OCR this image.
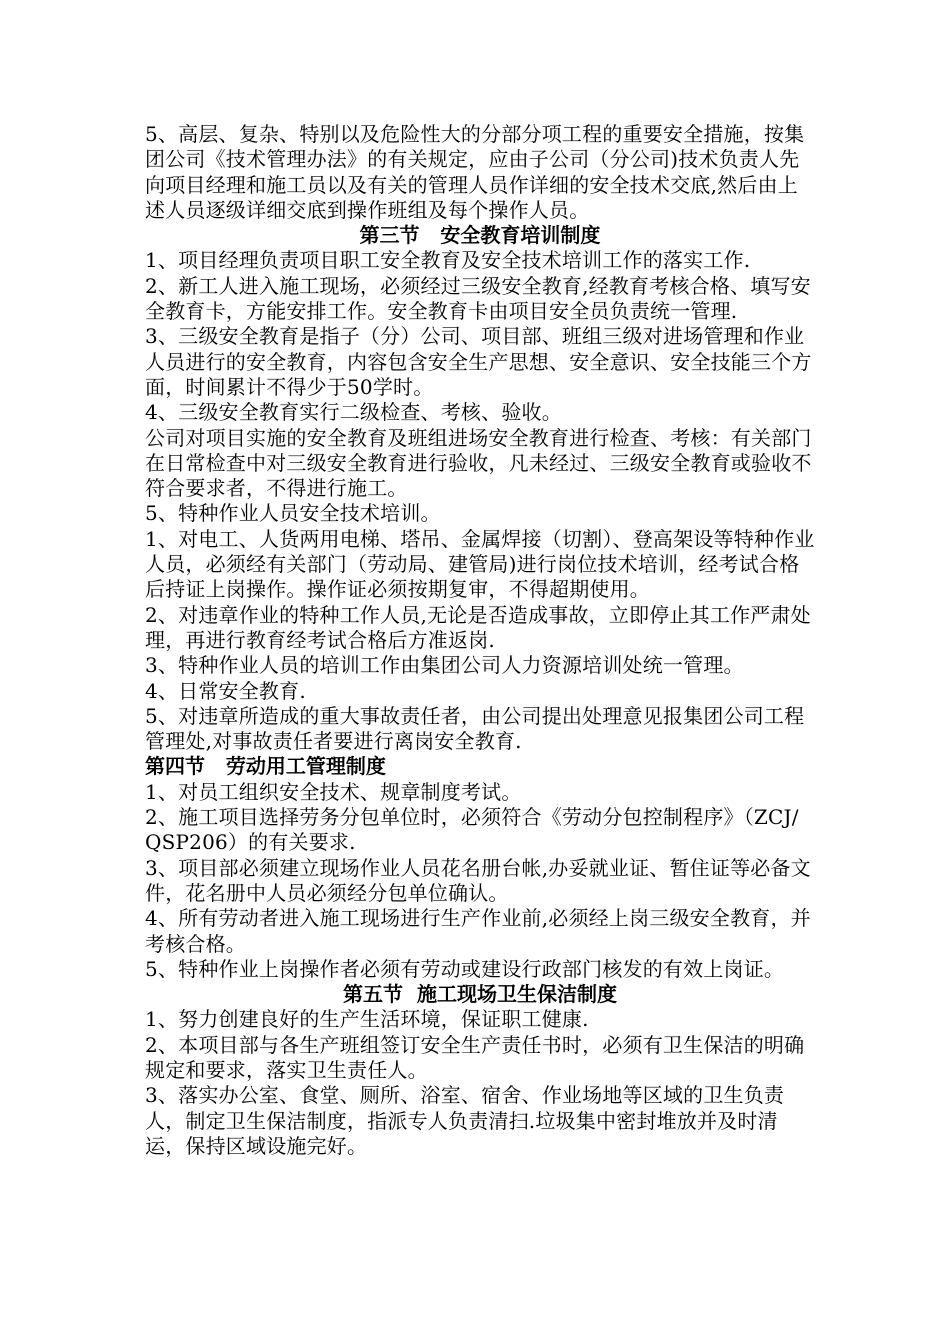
5、高层、复杂、特别以及危险性大的分部分项工程的重要安全措施，按集团公司《技术管理办法》的有关规定，应由子公司（分公司)技术负责人先向项目经理和施工员以及有关的管理人员作详细的安全技术交底,然后由上述人员逐级详细交底到操作班组及每个操作人员。

第三节   安全教育培训制度

1、项目经理负责项目职工安全教育及安全技术培训工作的落实工作.

2、新工人进入施工现场，必须经过三级安全教育,经教育考核合格、填写安全教育卡，方能安排工作。安全教育卡由项目安全员负责统一管理.

3、三级安全教育是指子（分）公司、项目部、班组三级对进场管理和作业人员进行的安全教育，内容包含安全生产思想、安全意识、安全技能三个方面，时间累计不得少于50学时。

4、三级安全教育实行二级检查、考核、验收。

公司对项目实施的安全教育及班组进场安全教育进行检查、考核：有关部门在日常检查中对三级安全教育进行验收，凡未经过、三级安全教育或验收不符合要求者，不得进行施工。

5、特种作业人员安全技术培训。

1、对电工、人货两用电梯、塔吊、金属焊接（切割）、登高架设等特种作业人员，必须经有关部门（劳动局、建管局)进行岗位技术培训，经考试合格后持证上岗操作。操作证必须按期复审，不得超期使用。

2、对违章作业的特种工作人员,无论是否造成事故，立即停止其工作严肃处理，再进行教育经考试合格后方准返岗.

3、特种作业人员的培训工作由集团公司人力资源培训处统一管理。

4、日常安全教育.

5、对违章所造成的重大事故责任者，由公司提出处理意见报集团公司工程管理处,对事故责任者要进行离岗安全教育.

第四节   劳动用工管理制度

1、对员工组织安全技术、规章制度考试。

2、施工项目选择劳务分包单位时，必须符合《劳动分包控制程序》（ZCJ/QSP206）的有关要求.

3、项目部必须建立现场作业人员花名册台帐,办妥就业证、暂住证等必备文件，花名册中人员必须经分包单位确认。

4、所有劳动者进入施工现场进行生产作业前,必须经上岗三级安全教育，并考核合格。

5、特种作业上岗操作者必须有劳动或建设行政部门核发的有效上岗证。

第五节  施工现场卫生保洁制度

1、努力创建良好的生产生活环境，保证职工健康.

2、本项目部与各生产班组签订安全生产责任书时，必须有卫生保洁的明确规定和要求，落实卫生责任人。

3、落实办公室、食堂、厕所、浴室、宿舍、作业场地等区域的卫生负责人，制定卫生保洁制度，指派专人负责清扫.垃圾集中密封堆放并及时清运，保持区域设施完好。
